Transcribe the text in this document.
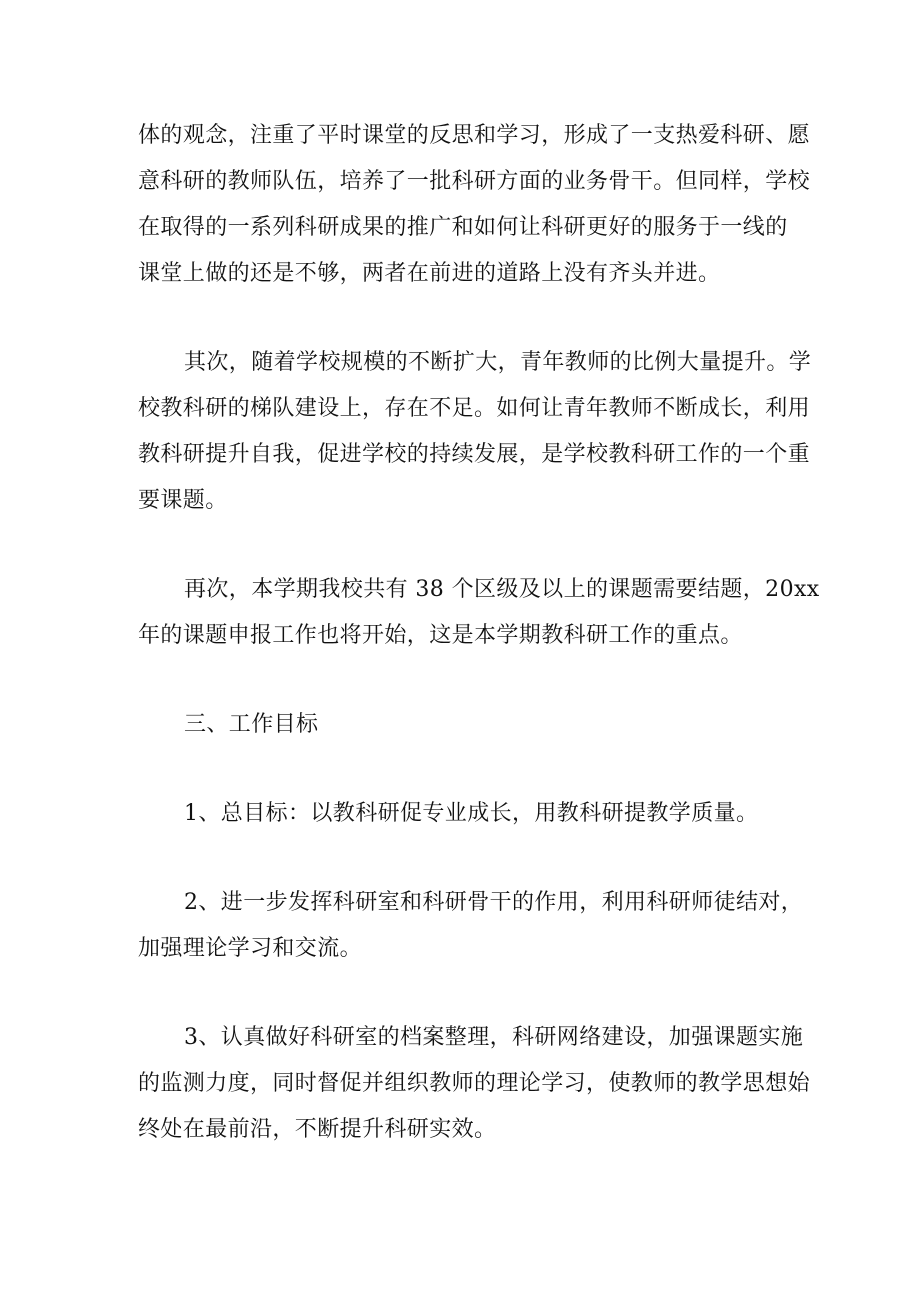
体的观念，注重了平时课堂的反思和学习，形成了一支热爱科研、愿
意科研的教师队伍，培养了一批科研方面的业务骨干。但同样，学校
在取得的一系列科研成果的推广和如何让科研更好的服务于一线的
课堂上做的还是不够，两者在前进的道路上没有齐头并进。

其次，随着学校规模的不断扩大，青年教师的比例大量提升。学
校教科研的梯队建设上，存在不足。如何让青年教师不断成长，利用
教科研提升自我，促进学校的持续发展，是学校教科研工作的一个重
要课题。

再次，本学期我校共有 38 个区级及以上的课题需要结题，20xx
年的课题申报工作也将开始，这是本学期教科研工作的重点。

三、工作目标

1、总目标：以教科研促专业成长，用教科研提教学质量。

2、进一步发挥科研室和科研骨干的作用，利用科研师徒结对，
加强理论学习和交流。

3、认真做好科研室的档案整理，科研网络建设，加强课题实施
的监测力度，同时督促并组织教师的理论学习，使教师的教学思想始
终处在最前沿，不断提升科研实效。
